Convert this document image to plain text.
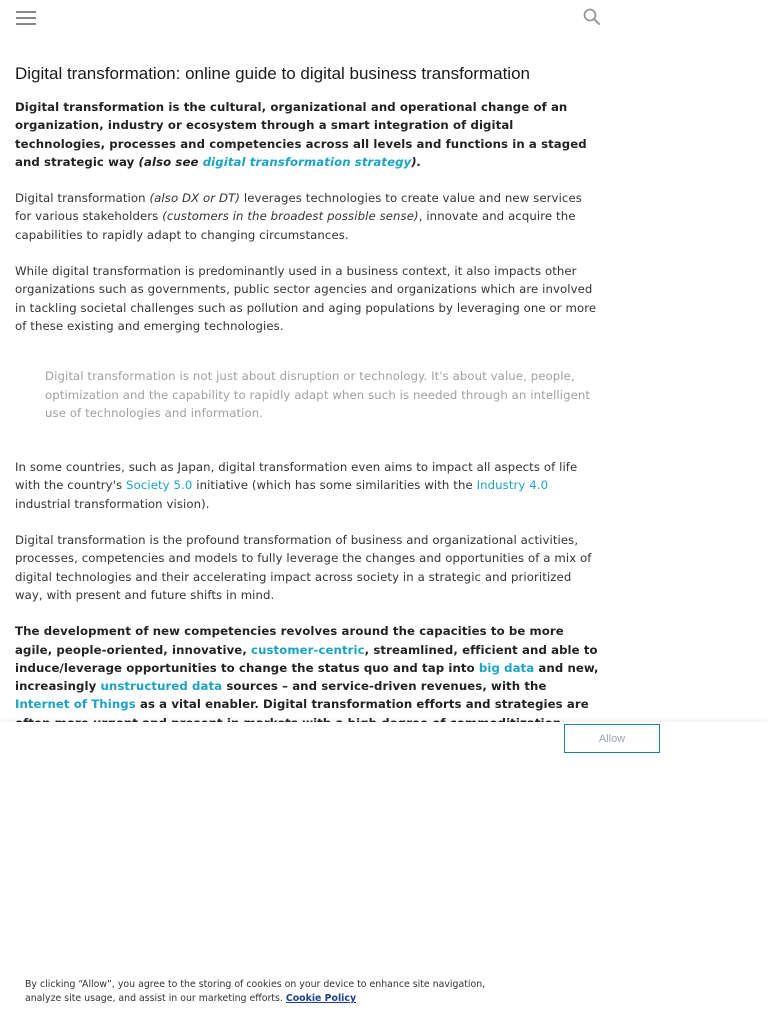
Digital transformation: online guide to digital business transformation

Digital transformation is the cultural, organizational and operational change of an organization, industry or ecosystem through a smart integration of digital technologies, processes and competencies across all levels and functions in a staged and strategic way (also see digital transformation strategy).

Digital transformation (also DX or DT) leverages technologies to create value and new services for various stakeholders (customers in the broadest possible sense), innovate and acquire the capabilities to rapidly adapt to changing circumstances.

While digital transformation is predominantly used in a business context, it also impacts other organizations such as governments, public sector agencies and organizations which are involved in tackling societal challenges such as pollution and aging populations by leveraging one or more of these existing and emerging technologies.

Digital transformation is not just about disruption or technology. It's about value, people, optimization and the capability to rapidly adapt when such is needed through an intelligent use of technologies and information.

In some countries, such as Japan, digital transformation even aims to impact all aspects of life with the country's Society 5.0 initiative (which has some similarities with the Industry 4.0 industrial transformation vision).

Digital transformation is the profound transformation of business and organizational activities, processes, competencies and models to fully leverage the changes and opportunities of a mix of digital technologies and their accelerating impact across society in a strategic and prioritized way, with present and future shifts in mind.

The development of new competencies revolves around the capacities to be more agile, people-oriented, innovative, customer-centric, streamlined, efficient and able to induce/leverage opportunities to change the status quo and tap into big data and new, increasingly unstructured data sources – and service-driven revenues, with the Internet of Things as a vital enabler. Digital transformation efforts and strategies are

Allow
By clicking “Allow”, you agree to the storing of cookies on your device to enhance site navigation, analyze site usage, and assist in our marketing efforts. Cookie Policy
